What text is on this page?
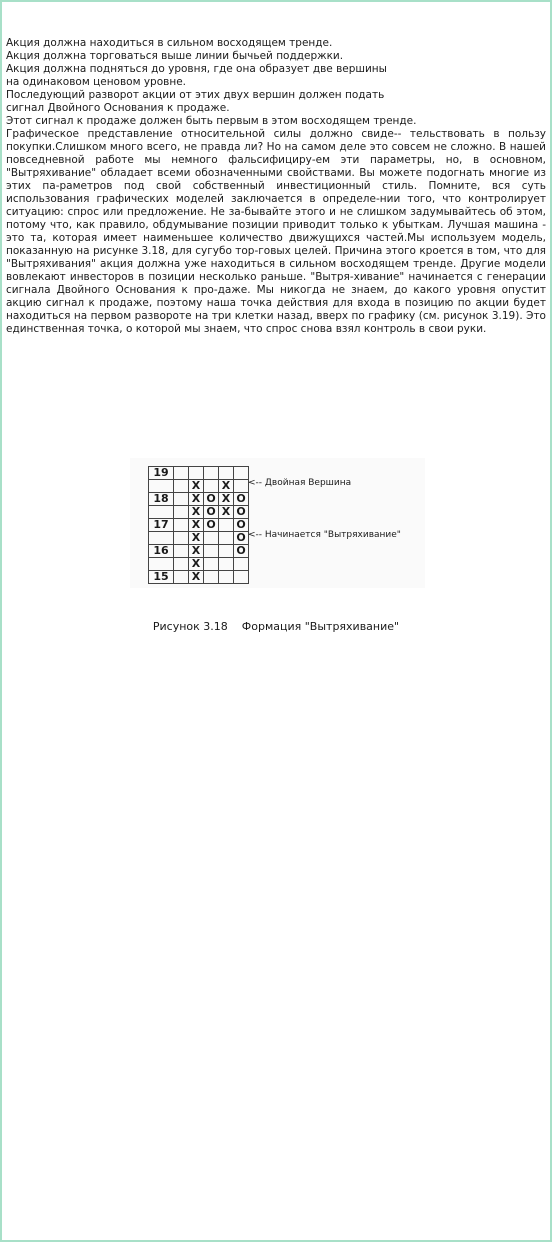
Акция должна находиться в сильном восходящем тренде.
Акция должна торговаться выше линии бычьей поддержки.
Акция должна подняться до уровня, где она образует две вершины
на одинаковом ценовом уровне.
Последующий разворот акции от этих двух вершин должен подать
сигнал Двойного Основания к продаже.
Этот сигнал к продаже должен быть первым в этом восходящем тренде.
Графическое представление относительной силы должно свиде-- тельствовать в пользу покупки.Слишком много всего, не правда ли? Но на самом деле это совсем не сложно. В нашей повседневной работе мы немного фальсифициру-ем эти параметры, но, в основном, "Вытряхивание" обладает всеми обозначенными свойствами. Вы можете подогнать многие из этих па-раметров под свой собственный инвестиционный стиль. Помните, вся суть использования графических моделей заключается в определе-нии того, что контролирует ситуацию: спрос или предложение. Не за-бывайте этого и не слишком задумывайтесь об этом, потому что, как правило, обдумывание позиции приводит только к убыткам. Лучшая машина - это та, которая имеет наименьшее количество движущихся частей.Мы используем модель, показанную на рисунке 3.18, для сугубо тор-говых целей. Причина этого кроется в том, что для "Вытряхивания" акция должна уже находиться в сильном восходящем тренде. Другие модели вовлекают инвесторов в позиции несколько раньше. "Вытря-хивание" начинается с генерации сигнала Двойного Основания к про-даже. Мы никогда не знаем, до какого уровня опустит акцию сигнал к продаже, поэтому наша точка действия для входа в позицию по акции будет находиться на первом развороте на три клетки назад, вверх по графику (см. рисунок 3.19). Это единственная точка, о которой мы знаем, что спрос снова взял контроль в свои руки.
19					
		X		X	
18		X	O	X	O
		X	O	X	O
17		X	O		O
		X			O
16		X			O
		X			
15		X			
<-- Двойная Вершина
<-- Начинается "Вытряхивание"
Рисунок 3.18    Формация "Вытряхивание"
